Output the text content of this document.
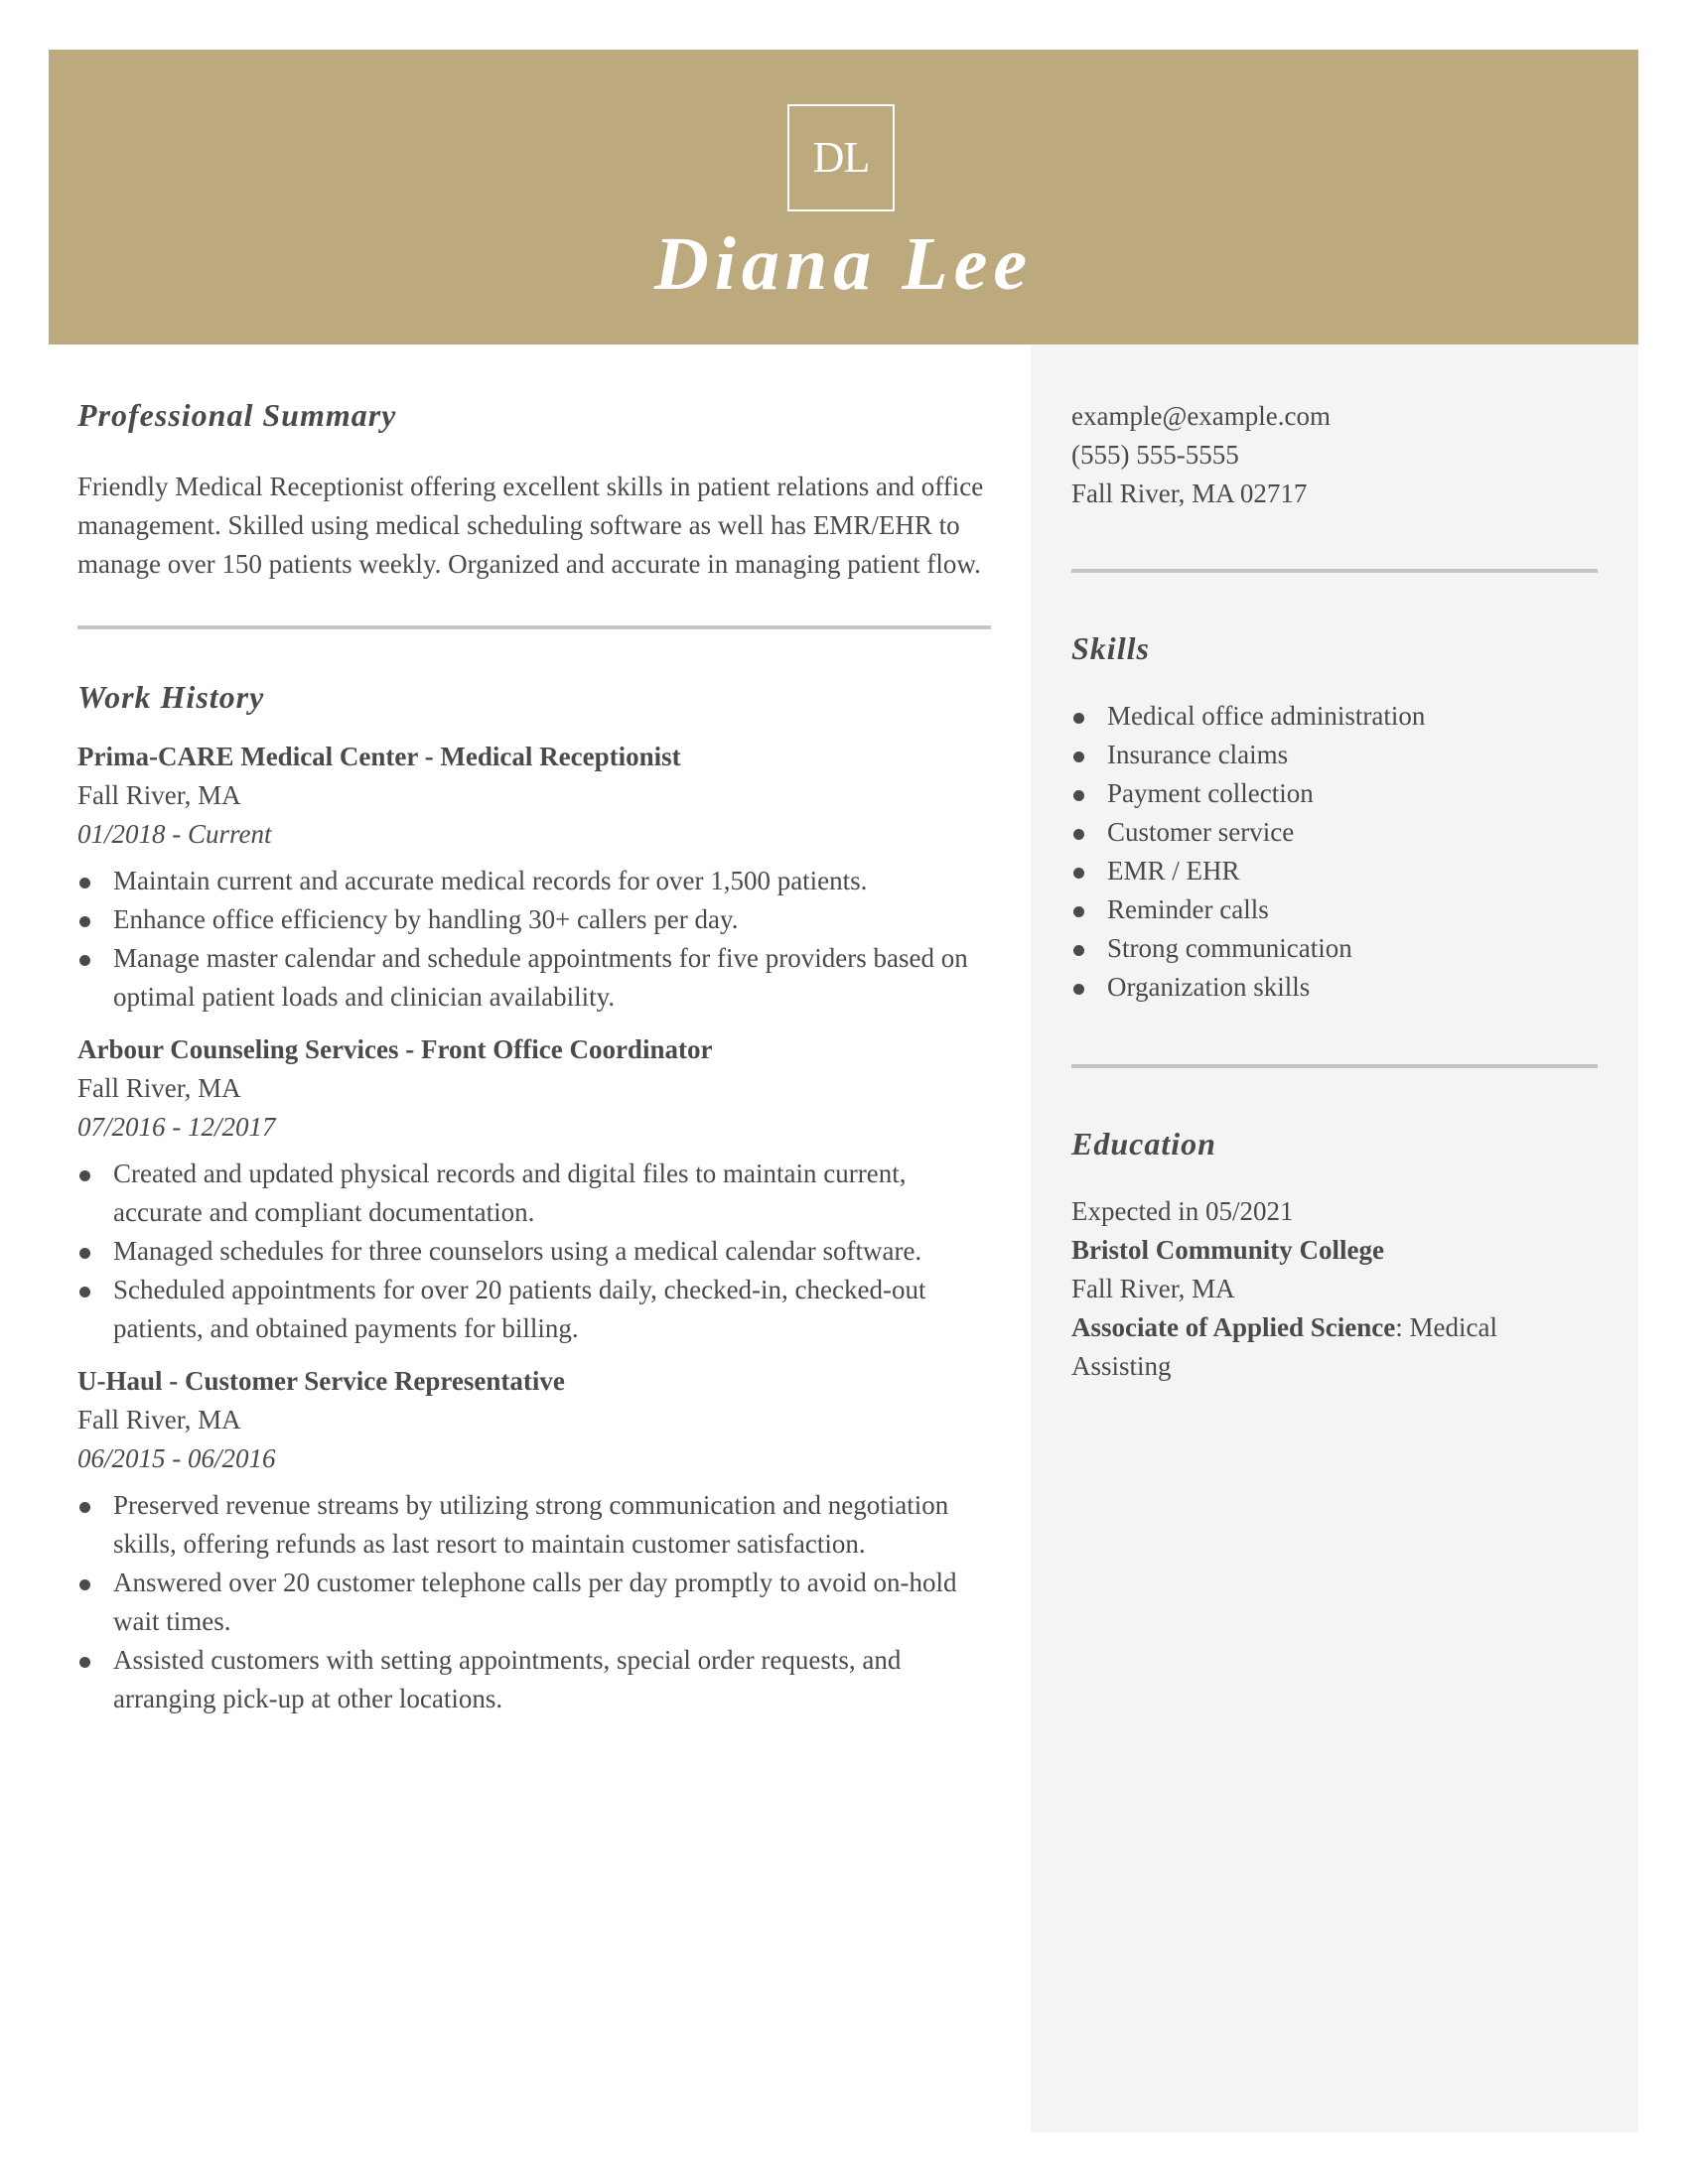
DL
Diana Lee
Professional Summary

Friendly Medical Receptionist offering excellent skills in patient relations and office management. Skilled using medical scheduling software as well has EMR/EHR to manage over 150 patients weekly. Organized and accurate in managing patient flow.

Work History
Prima-CARE Medical Center - Medical Receptionist
Fall River, MA
01/2018 - Current
Maintain current and accurate medical records for over 1,500 patients.
Enhance office efficiency by handling 30+ callers per day.
Manage master calendar and schedule appointments for five providers based on optimal patient loads and clinician availability.
Arbour Counseling Services - Front Office Coordinator
Fall River, MA
07/2016 - 12/2017
Created and updated physical records and digital files to maintain current, accurate and compliant documentation.
Managed schedules for three counselors using a medical calendar software.
Scheduled appointments for over 20 patients daily, checked-in, checked-out patients, and obtained payments for billing.
U-Haul - Customer Service Representative
Fall River, MA
06/2015 - 06/2016
Preserved revenue streams by utilizing strong communication and negotiation skills, offering refunds as last resort to maintain customer satisfaction.
Answered over 20 customer telephone calls per day promptly to avoid on-hold wait times.
Assisted customers with setting appointments, special order requests, and arranging pick-up at other locations.
example@example.com
(555) 555-5555
Fall River, MA 02717
Skills
Medical office administration
Insurance claims
Payment collection
Customer service
EMR / EHR
Reminder calls
Strong communication
Organization skills
Education
Expected in 05/2021
Bristol Community College
Fall River, MA
Associate of Applied Science: Medical Assisting
